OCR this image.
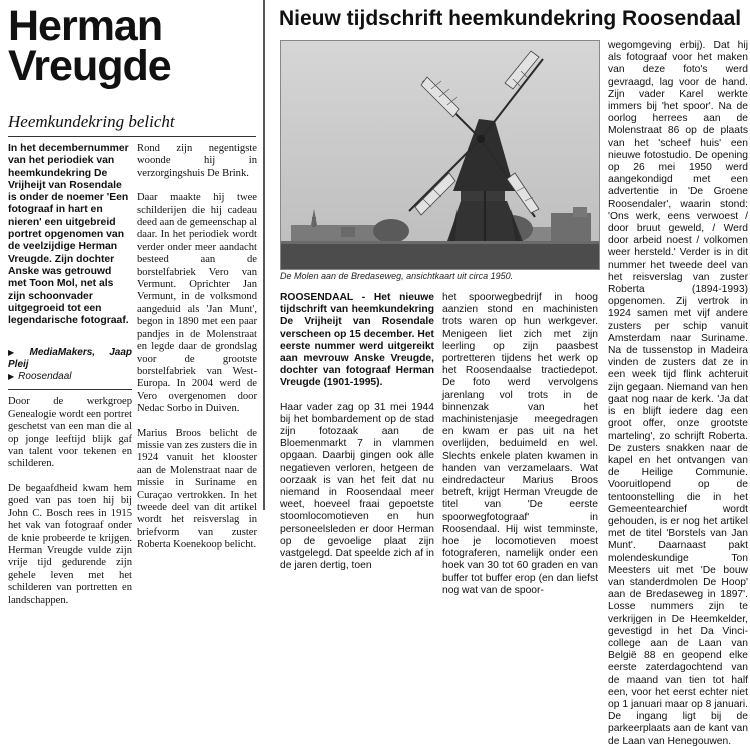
Herman Vreugde
Heemkundekring belicht

In het decembernummer van het periodiek van heemkundekring De Vrijheijt van Rosendale is onder de noemer 'Een fotograaf in hart en nieren' een uitgebreid portret opgenomen van de veelzijdige Herman Vreugde. Zijn dochter Anske was getrouwd met Toon Mol, net als zijn schoonvader uitgegroeid tot een legendarische fotograaf.

▶ MediaMakers, Jaap Pleij
▶ Roosendaal

Door de werkgroep Genealogie wordt een portret geschetst van een man die al op jonge leeftijd blijk gaf van talent voor tekenen en schilderen.

De begaafdheid kwam hem goed van pas toen hij bij John C. Bosch rees in 1915 het vak van fotograaf onder de knie probeerde te krijgen. Herman Vreugde vulde zijn vrije tijd gedurende zijn gehele leven met het schilderen van portretten en landschappen.

Rond zijn negentigste woonde hij in verzorgingshuis De Brink.

Daar maakte hij twee schilderijen die hij cadeau deed aan de gemeenschap al daar. In het periodiek wordt verder onder meer aandacht besteed aan de borstelfabriek Vero van Vermunt. Oprichter Jan Vermunt, in de volksmond aangeduid als 'Jan Munt', begon in 1890 met een paar pandjes in de Molenstraat en legde daar de grondslag voor de grootste borstelfabriek van West-Europa. In 2004 werd de Vero overgenomen door Nedac Sorbo in Duiven.

Marius Broos belicht de missie van zes zusters die in 1924 vanuit het klooster aan de Molenstraat naar de missie in Suriname en Curaçao vertrokken. In het tweede deel van dit artikel wordt het reisverslag in briefvorm van zuster Roberta Koenekoop belicht.

Nieuw tijdschrift heemkundekring Roosendaal
De Molen aan de Bredaseweg, ansichtkaart uit circa 1950.

ROOSENDAAL - Het nieuwe tijdschrift van heemkundekring De Vrijheijt van Rosendale verscheen op 15 december. Het eerste nummer werd uitgereikt aan mevrouw Anske Vreugde, dochter van fotograaf Herman Vreugde (1901-1995).

Haar vader zag op 31 mei 1944 bij het bombardement op de stad zijn fotozaak aan de Bloemenmarkt 7 in vlammen opgaan. Daarbij gingen ook alle negatieven verloren, hetgeen de oorzaak is van het feit dat nu niemand in Roosendaal meer weet, hoeveel fraai gepoetste stoomlocomotieven en hun personeelsleden er door Herman op de gevoelige plaat zijn vastgelegd. Dat speelde zich af in de jaren dertig, toen

het spoorwegbedrijf in hoog aanzien stond en machinisten trots waren op hun werkgever. Menigeen liet zich met zijn leerling op zijn paasbest portretteren tijdens het werk op het Roosendaalse tractiedepot. De foto werd vervolgens jarenlang vol trots in de binnenzak van het machinistenjasje meegedragen en kwam er pas uit na het overlijden, beduimeld en wel. Slechts enkele platen kwamen in handen van verzamelaars. Wat eindredacteur Marius Broos betreft, krijgt Herman Vreugde de titel van 'De eerste spoorwegfotograaf' in Roosendaal. Hij wist temminste, hoe je locomotieven moest fotograferen, namelijk onder een hoek van 30 tot 60 graden en van buffer tot buffer erop (en dan liefst nog wat van de spoor-

wegomgeving erbij). Dat hij als fotograaf voor het maken van deze foto's werd gevraagd, lag voor de hand. Zijn vader Karel werkte immers bij 'het spoor'. Na de oorlog herrees aan de Molenstraat 86 op de plaats van het 'scheef huis' een nieuwe fotostudio. De opening op 26 mei 1950 werd aangekondigd met een advertentie in 'De Groene Roosendaler', waarin stond: 'Ons werk, eens verwoest / door bruut geweld, / Werd door arbeid noest / volkomen weer hersteld.' Verder is in dit nummer het tweede deel van het reisverslag van zuster Roberta (1894-1993) opgenomen. Zij vertrok in 1924 samen met vijf andere zusters per schip vanuit Amsterdam naar Suriname. Na de tussenstop in Madeira vinden de zusters dat ze in een week tijd flink achteruit zijn gegaan. Niemand van hen gaat nog naar de kerk. 'Ja dat is en blijft iedere dag een groot offer, onze grootste marteling', zo schrijft Roberta. De zusters snakken naar de kapel en het ontvangen van de Heilige Communie. Vooruitlopend op de tentoonstelling die in het Gemeentearchief wordt gehouden, is er nog het artikel met de titel 'Borstels van Jan Munt'. Daarnaast pakt molendeskundige Ton Meesters uit met 'De bouw van standerdmolen De Hoop' aan de Bredaseweg in 1897'. Losse nummers zijn te verkrijgen in De Heemkelder, gevestigd in het Da Vinci-college aan de Laan van België 88 en geopend elke eerste zaterdagochtend van de maand van tien tot half een, voor het eerst echter niet op 1 januari maar op 8 januari. De ingang ligt bij de parkeerplaats aan de kant van de Laan van Henegouwen.
